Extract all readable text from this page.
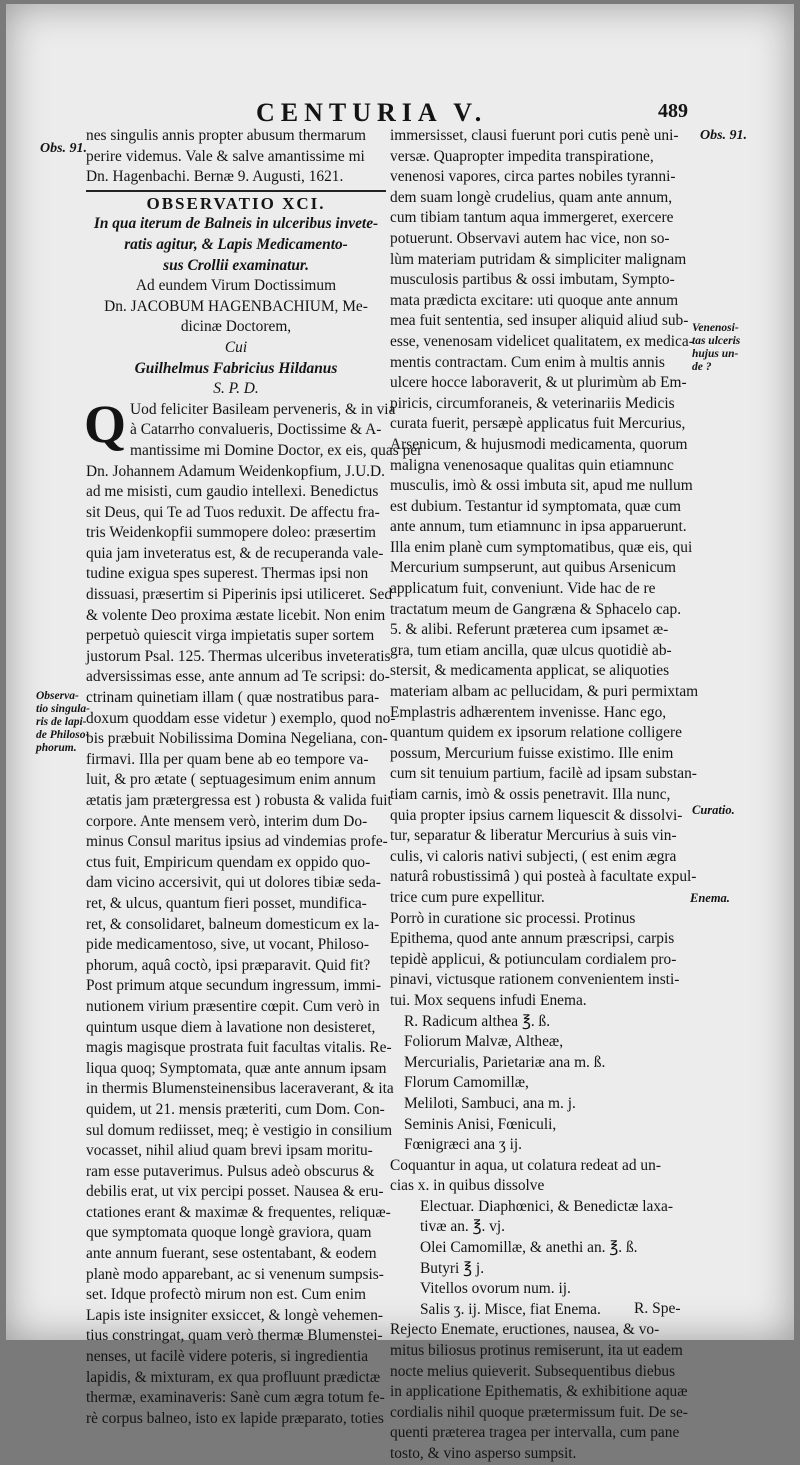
CENTURIA V.	489
Obs. 91.
Obs. 91.
Venenosi-
tas ulceris
hujus un-
de ?
Observa-
tio singula-
ris de lapi-
de Philoso-
phorum.
Curatio.
Enema.
nes singulis annis propter abusum thermarum
perire videmus. Vale & salve amantissime mi
Dn. Hagenbachi. Bernæ 9. Augusti, 1621.
OBSERVATIO XCI.
In qua iterum de Balneis in ulceribus invete-
ratis agitur, & Lapis Medicamento-
sus Crollii examinatur.
Ad eundem Virum Doctissimum
Dn. JACOBUM HAGENBACHIUM, Me-
dicinæ Doctorem,
Cui
Guilhelmus Fabricius Hildanus
S. P. D.
Q Uod feliciter Basileam perveneris, & in via
à Catarrho convalueris, Doctissime & A-
mantissime mi Domine Doctor, ex eis, quas per
Dn. Johannem Adamum Weidenkopfium, J.U.D.
ad me misisti, cum gaudio intellexi. Benedictus
sit Deus, qui Te ad Tuos reduxit. De affectu fra-
tris Weidenkopfii summopere doleo: præsertim
quia jam inveteratus est, & de recuperanda vale-
tudine exigua spes superest. Thermas ipsi non
dissuasi, præsertim si Piperinis ipsi utiliceret. Sed
& volente Deo proxima æstate licebit. Non enim
perpetuò quiescit virga impietatis super sortem
justorum Psal. 125. Thermas ulceribus inveteratis
adversissimas esse, ante annum ad Te scripsi: do-
ctrinam quinetiam illam ( quæ nostratibus para-
doxum quoddam esse videtur ) exemplo, quod no-
bis præbuit Nobilissima Domina Negeliana, con-
firmavi. Illa per quam bene ab eo tempore va-
luit, & pro ætate ( septuagesimum enim annum
ætatis jam prætergressa est ) robusta & valida fuit
corpore. Ante mensem verò, interim dum Do-
minus Consul maritus ipsius ad vindemias profe-
ctus fuit, Empiricum quendam ex oppido quo-
dam vicino accersivit, qui ut dolores tibiæ seda-
ret, & ulcus, quantum fieri posset, mundifica-
ret, & consolidaret, balneum domesticum ex la-
pide medicamentoso, sive, ut vocant, Philoso-
phorum, aquâ coctò, ipsi præparavit. Quid fit?
Post primum atque secundum ingressum, immi-
nutionem virium præsentire cœpit. Cum verò in
quintum usque diem à lavatione non desisteret,
magis magisque prostrata fuit facultas vitalis. Re-
liqua quoq; Symptomata, quæ ante annum ipsam
in thermis Blumensteinensibus laceraverant, & ita
quidem, ut 21. mensis præteriti, cum Dom. Con-
sul domum rediisset, meq; è vestigio in consilium
vocasset, nihil aliud quam brevi ipsam moritu-
ram esse putaverimus. Pulsus adeò obscurus &
debilis erat, ut vix percipi posset. Nausea & eru-
ctationes erant & maximæ & frequentes, reliquæ-
que symptomata quoque longè graviora, quam
ante annum fuerant, sese ostentabant, & eodem
planè modo apparebant, ac si venenum sumpsis-
set. Idque profectò mirum non est. Cum enim
Lapis iste insigniter exsiccet, & longè vehemen-
tius constringat, quam verò thermæ Blumenstei-
nenses, ut facilè videre poteris, si ingredientia
lapidis, & mixturam, ex qua profluunt prædictæ
thermæ, examinaveris: Sanè cum ægra totum fe-
rè corpus balneo, isto ex lapide præparato, toties
immersisset, clausi fuerunt pori cutis penè uni-
versæ. Quapropter impedita transpiratione,
venenosi vapores, circa partes nobiles tyranni-
dem suam longè crudelius, quam ante annum,
cum tibiam tantum aqua immergeret, exercere
potuerunt. Observavi autem hac vice, non so-
lùm materiam putridam & simpliciter malignam
musculosis partibus & ossi imbutam, Sympto-
mata prædicta excitare: uti quoque ante annum
mea fuit sententia, sed insuper aliquid aliud sub-
esse, venenosam videlicet qualitatem, ex medica-
mentis contractam. Cum enim à multis annis
ulcere hocce laboraverit, & ut plurimùm ab Em-
piricis, circumforaneis, & veterinariis Medicis
curata fuerit, persæpè applicatus fuit Mercurius,
Arsenicum, & hujusmodi medicamenta, quorum
maligna venenosaque qualitas quin etiamnunc
musculis, imò & ossi imbuta sit, apud me nullum
est dubium. Testantur id symptomata, quæ cum
ante annum, tum etiamnunc in ipsa apparuerunt.
Illa enim planè cum symptomatibus, quæ eis, qui
Mercurium sumpserunt, aut quibus Arsenicum
applicatum fuit, conveniunt. Vide hac de re
tractatum meum de Gangræna & Sphacelo cap.
5. & alibi. Referunt præterea cum ipsamet æ-
gra, tum etiam ancilla, quæ ulcus quotidiè ab-
stersit, & medicamenta applicat, se aliquoties
materiam albam ac pellucidam, & puri permixtam
Emplastris adhærentem invenisse. Hanc ego,
quantum quidem ex ipsorum relatione colligere
possum, Mercurium fuisse existimo. Ille enim
cum sit tenuium partium, facilè ad ipsam substan-
tiam carnis, imò & ossis penetravit. Illa nunc,
quia propter ipsius carnem liquescit & dissolvi-
tur, separatur & liberatur Mercurius à suis vin-
culis, vi caloris nativi subjecti, ( est enim ægra
naturâ robustissimâ ) qui posteà à facultate expul-
trice cum pure expellitur.
Porrò in curatione sic processi. Protinus
Epithema, quod ante annum præscripsi, carpis
tepidè applicui, & potiunculam cordialem pro-
pinavi, victusque rationem convenientem insti-
tui. Mox sequens infudi Enema.
R. Radicum althea ℥. ß.
Foliorum Malvæ, Altheæ,
Mercurialis, Parietariæ ana m. ß.
Florum Camomillæ,
Meliloti, Sambuci, ana m. j.
Seminis Anisi, Fœniculi,
Fœnigræci ana ʒ ij.
Coquantur in aqua, ut colatura redeat ad un-
cias x. in quibus dissolve
Electuar. Diaphœnici, & Benedictæ laxa-
tivæ an. ℥. vj.
Olei Camomillæ, & anethi an. ℥. ß.
Butyri ℥ j.
Vitellos ovorum num. ij.
Salis ʒ. ij. Misce, fiat Enema.
Rejecto Enemate, eructiones, nausea, & vo-
mitus biliosus protinus remiserunt, ita ut eadem
nocte melius quieverit. Subsequentibus diebus
in applicatione Epithematis, & exhibitione aquæ
cordialis nihil quoque prætermissum fuit. De se-
quenti præterea tragea per intervalla, cum pane
tosto, & vino asperso sumpsit.
R. Spe-
